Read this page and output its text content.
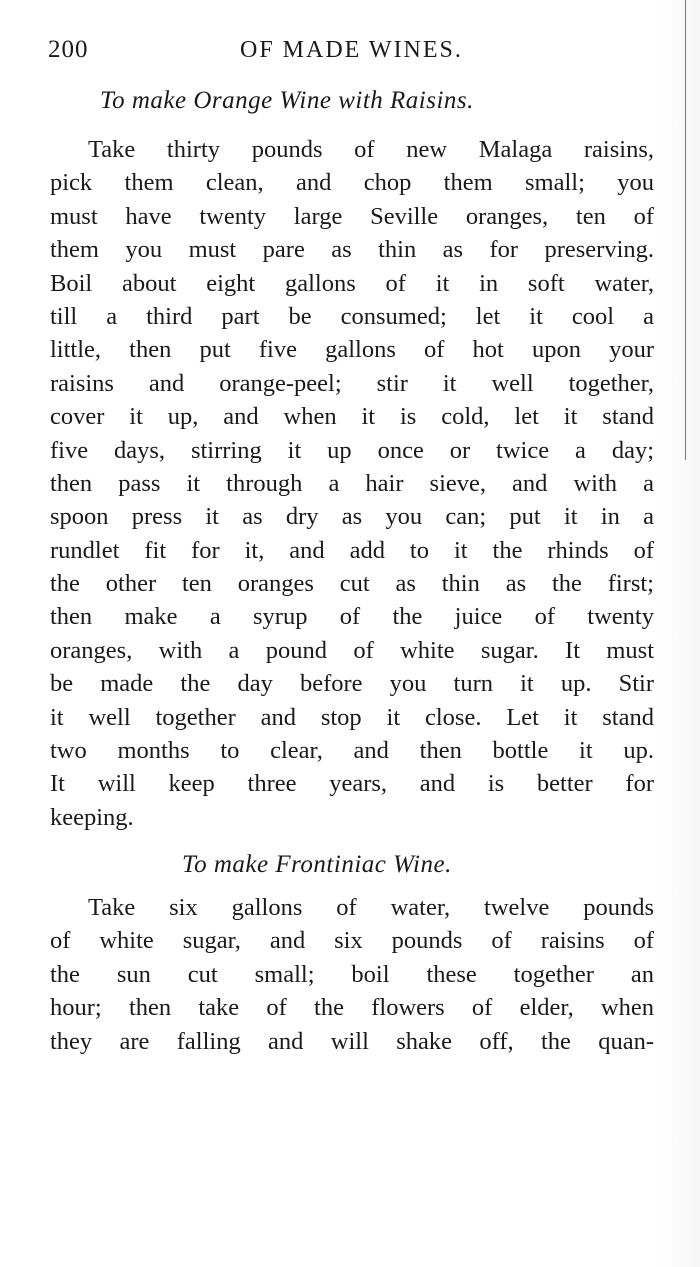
200	OF MADE WINES.
To make Orange Wine with Raisins.
Take thirty pounds of new Malaga raisins,
pick them clean, and chop them small; you
must have twenty large Seville oranges, ten of
them you must pare as thin as for preserving.
Boil about eight gallons of it in soft water,
till a third part be consumed; let it cool a
little, then put five gallons of hot upon your
raisins and orange-peel; stir it well together,
cover it up, and when it is cold, let it stand
five days, stirring it up once or twice a day;
then pass it through a hair sieve, and with a
spoon press it as dry as you can; put it in a
rundlet fit for it, and add to it the rhinds of
the other ten oranges cut as thin as the first;
then make a syrup of the juice of twenty
oranges, with a pound of white sugar. It must
be made the day before you turn it up. Stir
it well together and stop it close. Let it stand
two months to clear, and then bottle it up.
It will keep three years, and is better for
keeping.
To make Frontiniac Wine.
Take six gallons of water, twelve pounds
of white sugar, and six pounds of raisins of
the sun cut small; boil these together an
hour; then take of the flowers of elder, when
they are falling and will shake off, the quan-
